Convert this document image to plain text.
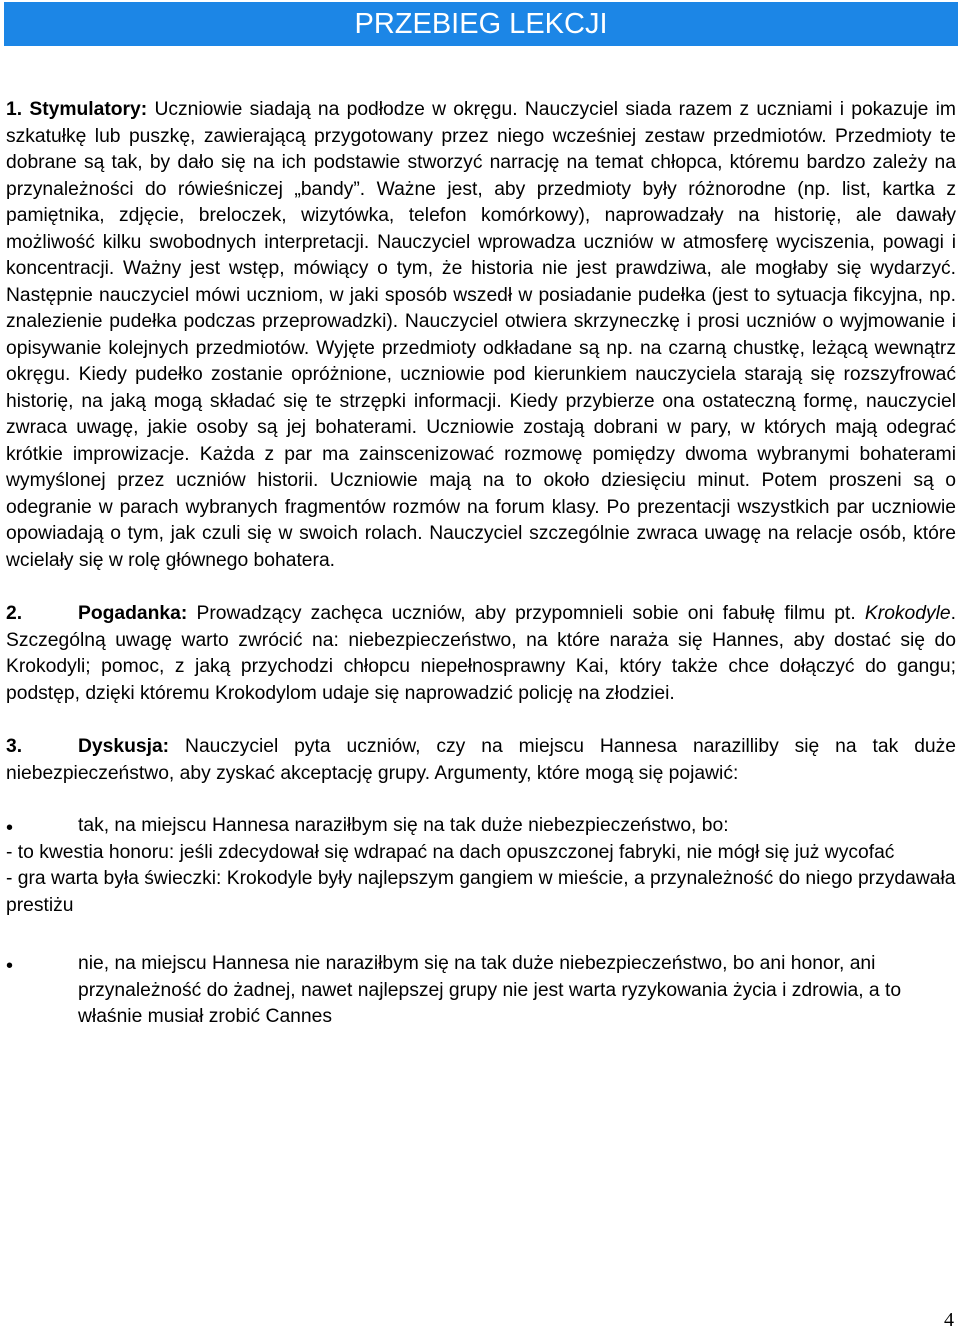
PRZEBIEG LEKCJI

1. Stymulatory: Uczniowie siadają na podłodze w okręgu. Nauczyciel siada razem z uczniami i pokazuje im szkatułkę lub puszkę, zawierającą przygotowany przez niego wcześniej zestaw przedmiotów. Przedmioty te dobrane są tak, by dało się na ich podstawie stworzyć narrację na temat chłopca, któremu bardzo zależy na przynależności do rówieśniczej „bandy”. Ważne jest, aby przedmioty były różnorodne (np. list, kartka z pamiętnika, zdjęcie, breloczek, wizytówka, telefon komórkowy), naprowadzały na historię, ale dawały możliwość kilku swobodnych interpretacji. Nauczyciel wprowadza uczniów w atmosferę wyciszenia, powagi i koncentracji. Ważny jest wstęp, mówiący o tym, że historia nie jest prawdziwa, ale mogłaby się wydarzyć. Następnie nauczyciel mówi uczniom, w jaki sposób wszedł w posiadanie pudełka (jest to sytuacja fikcyjna, np. znalezienie pudełka podczas przeprowadzki). Nauczyciel otwiera skrzyneczkę i prosi uczniów o wyjmowanie i opisywanie kolejnych przedmiotów. Wyjęte przedmioty odkładane są np. na czarną chustkę, leżącą wewnątrz okręgu. Kiedy pudełko zostanie opróżnione, uczniowie pod kierunkiem nauczyciela starają się rozszyfrować historię, na jaką mogą składać się te strzępki informacji. Kiedy przybierze ona ostateczną formę, nauczyciel zwraca uwagę, jakie osoby są jej bohaterami. Uczniowie zostają dobrani w pary, w których mają odegrać krótkie improwizacje. Każda z par ma zainscenizować rozmowę pomiędzy dwoma wybranymi bohaterami wymyślonej przez uczniów historii. Uczniowie mają na to około dziesięciu minut. Potem proszeni są o odegranie w parach wybranych fragmentów rozmów na forum klasy. Po prezentacji wszystkich par uczniowie opowiadają o tym, jak czuli się w swoich rolach. Nauczyciel szczególnie zwraca uwagę na relacje osób, które wcielały się w rolę głównego bohatera.

2.	Pogadanka: Prowadzący zachęca uczniów, aby przypomnieli sobie oni fabułę filmu pt. Krokodyle. Szczególną uwagę warto zwrócić na: niebezpieczeństwo, na które naraża się Hannes, aby dostać się do Krokodyli; pomoc, z jaką przychodzi chłopcu niepełnosprawny Kai, który także chce dołączyć do gangu; podstęp, dzięki któremu Krokodylom udaje się naprowadzić policję na złodziei.

3.	Dyskusja: Nauczyciel pyta uczniów, czy na miejscu Hannesa narazilliby się na tak duże niebezpieczeństwo, aby zyskać akceptację grupy. Argumenty, które mogą się pojawić:

•	tak, na miejscu Hannesa naraziłbym się na tak duże niebezpieczeństwo, bo:

- to kwestia honoru: jeśli zdecydował się wdrapać na dach opuszczonej fabryki, nie mógł się już wycofać

- gra warta była świeczki: Krokodyle były najlepszym gangiem w mieście, a przynależność do niego przydawała prestiżu

•	nie, na miejscu Hannesa nie naraziłbym się na tak duże niebezpieczeństwo, bo ani honor, ani przynależność do żadnej, nawet najlepszej grupy nie jest warta ryzykowania życia i zdrowia, a to właśnie musiał zrobić Cannes
4
